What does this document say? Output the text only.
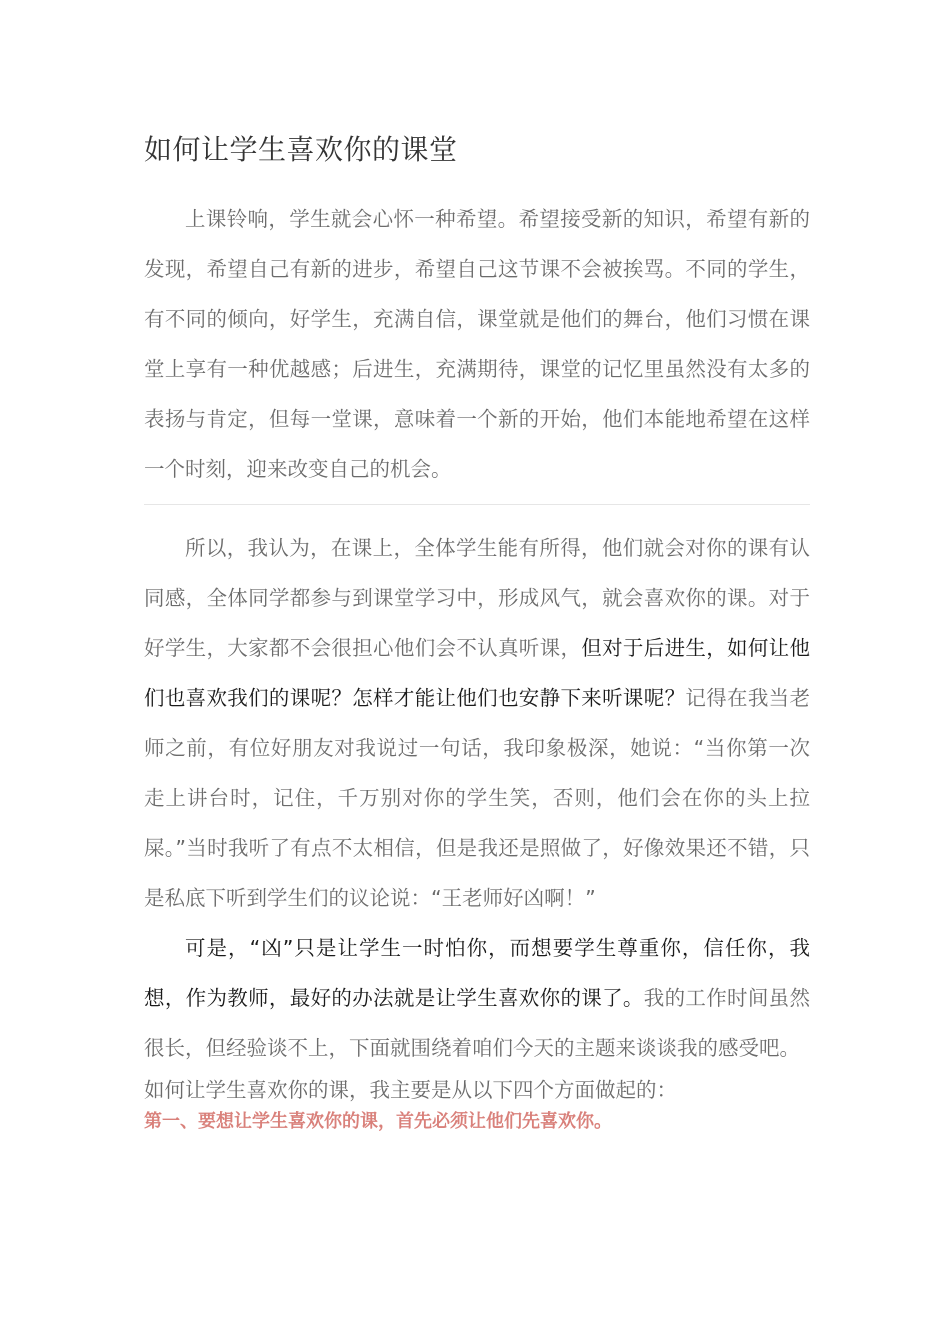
如何让学生喜欢你的课堂

上课铃响，学生就会心怀一种希望。希望接受新的知识，希望有新的发现，希望自己有新的进步，希望自己这节课不会被挨骂。不同的学生，有不同的倾向，好学生，充满自信，课堂就是他们的舞台，他们习惯在课堂上享有一种优越感；后进生，充满期待，课堂的记忆里虽然没有太多的表扬与肯定，但每一堂课，意味着一个新的开始，他们本能地希望在这样一个时刻，迎来改变自己的机会。

所以，我认为，在课上，全体学生能有所得，他们就会对你的课有认同感，全体同学都参与到课堂学习中，形成风气，就会喜欢你的课。对于好学生，大家都不会很担心他们会不认真听课，但对于后进生，如何让他们也喜欢我们的课呢？怎样才能让他们也安静下来听课呢？记得在我当老师之前，有位好朋友对我说过一句话，我印象极深，她说：“当你第一次走上讲台时，记住，千万别对你的学生笑，否则，他们会在你的头上拉屎。”当时我听了有点不太相信，但是我还是照做了，好像效果还不错，只是私底下听到学生们的议论说：“王老师好凶啊！”

可是，“凶”只是让学生一时怕你，而想要学生尊重你，信任你，我想，作为教师，最好的办法就是让学生喜欢你的课了。我的工作时间虽然很长，但经验谈不上，下面就围绕着咱们今天的主题来谈谈我的感受吧。

如何让学生喜欢你的课，我主要是从以下四个方面做起的：

第一、要想让学生喜欢你的课，首先必须让他们先喜欢你。
